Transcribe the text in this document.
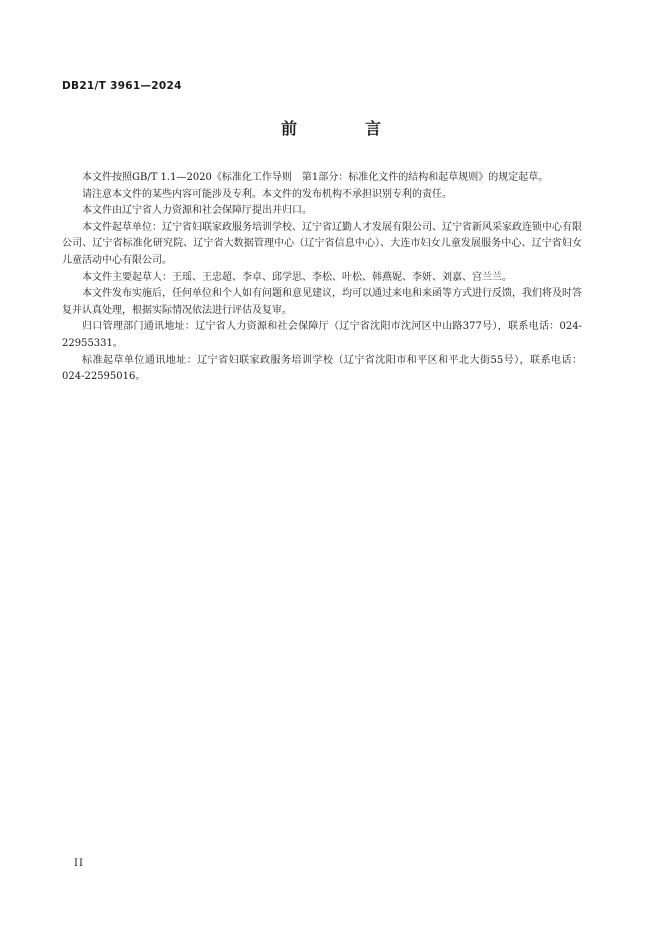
DB21/T 3961—2024
前　言

本文件按照GB/T 1.1—2020《标准化工作导则　第1部分：标准化文件的结构和起草规则》的规定起草。

请注意本文件的某些内容可能涉及专利。本文件的发布机构不承担识别专利的责任。

本文件由辽宁省人力资源和社会保障厅提出并归口。

本文件起草单位：辽宁省妇联家政服务培训学校、辽宁省辽勤人才发展有限公司、辽宁省新风采家政连锁中心有限公司、辽宁省标准化研究院、辽宁省大数据管理中心（辽宁省信息中心）、大连市妇女儿童发展服务中心、辽宁省妇女儿童活动中心有限公司。

本文件主要起草人：王瑶、王忠超、李卓、邱学思、李松、叶松、韩燕妮、李妍、刘嘉、宫兰兰。

本文件发布实施后，任何单位和个人如有问题和意见建议，均可以通过来电和来函等方式进行反馈，我们将及时答复并认真处理，根据实际情况依法进行评估及复审。

归口管理部门通讯地址：辽宁省人力资源和社会保障厅（辽宁省沈阳市沈河区中山路377号），联系电话：024-22955331。

标准起草单位通讯地址：辽宁省妇联家政服务培训学校（辽宁省沈阳市和平区和平北大街55号），联系电话：024-22595016。

II
